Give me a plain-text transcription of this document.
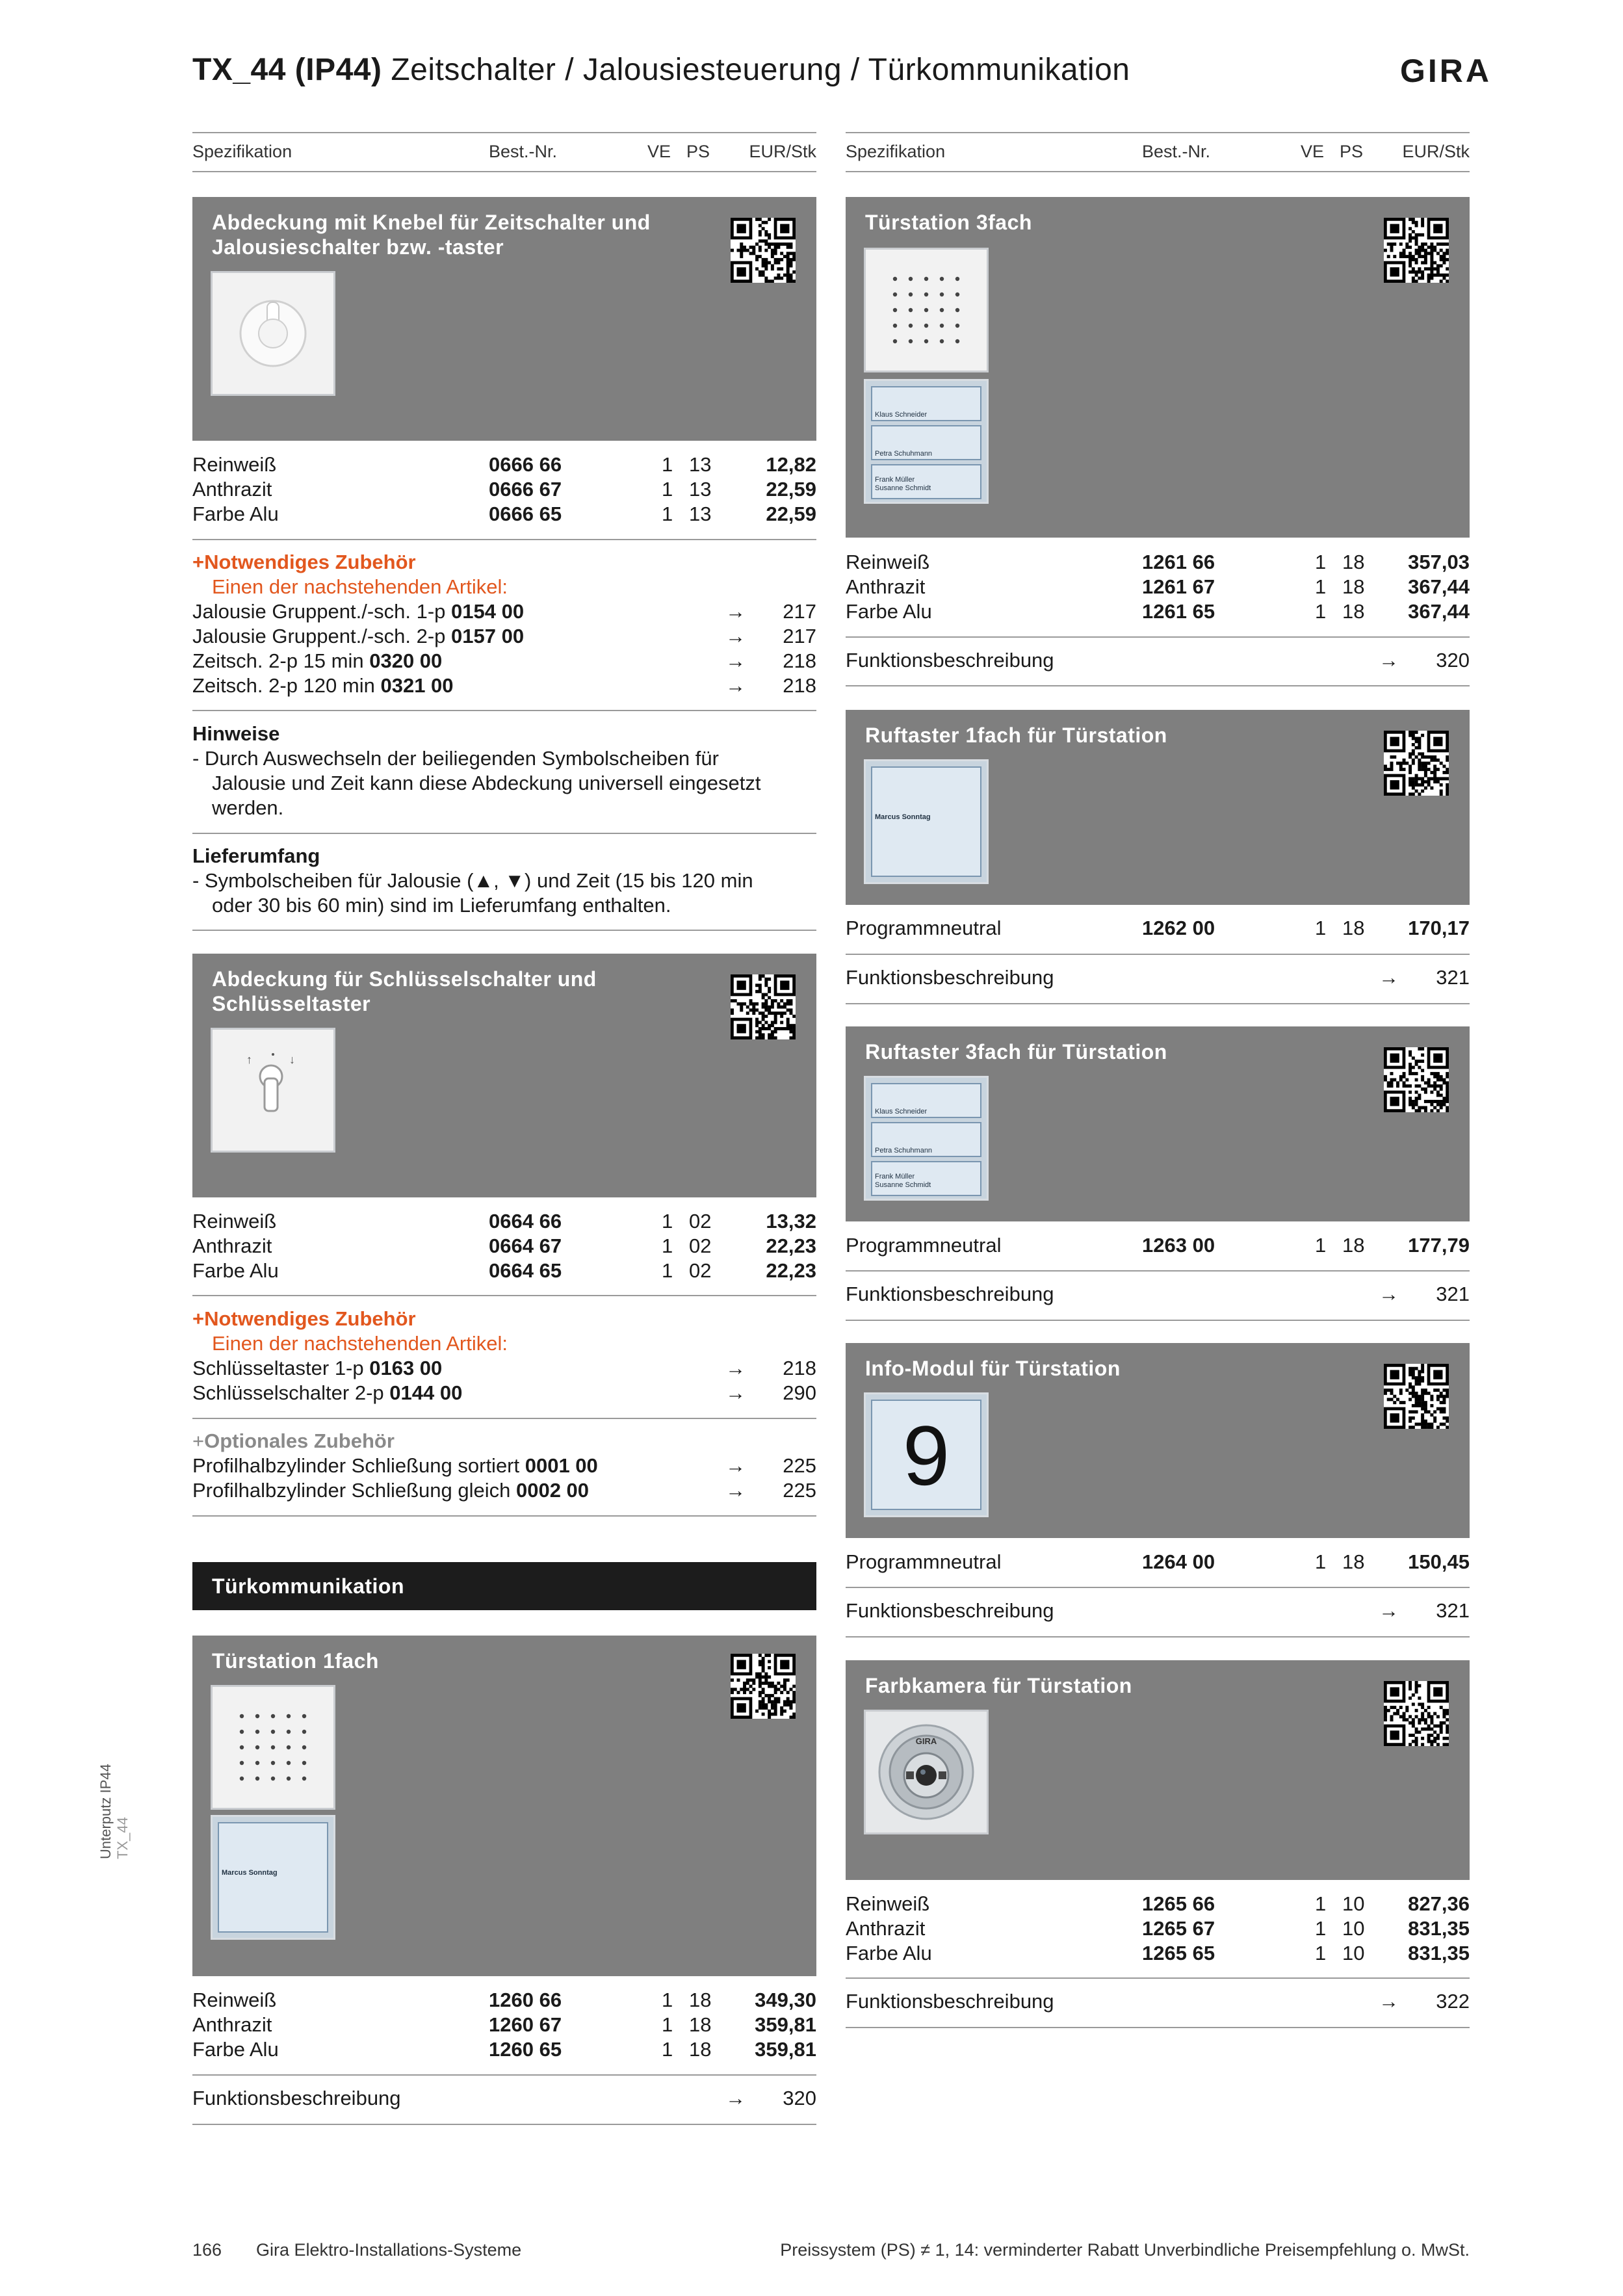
TX_44 (IP44) Zeitschalter / Jalousiesteuerung / Türkommunikation	GIRA
Spezifikation	Best.-Nr.	VE PS EUR/Stk Spezifikation	Best.-Nr.	VE PS EUR/Stk
Abdeckung mit Knebel für Zeitschalter und
Jalousieschalter bzw. -taster
Reinweiß	0666 66	1 13	12,82
Anthrazit	0666 67	1 13	22,59
Farbe Alu	0666 65	1 13	22,59
+Notwendiges Zubehör
Einen der nachstehenden Artikel:
Jalousie Gruppent./-sch. 1-p 0154 00	→ 217
Jalousie Gruppent./-sch. 2-p 0157 00	→ 217
Zeitsch. 2-p 15 min 0320 00	→ 218
Zeitsch. 2-p 120 min 0321 00	→ 218
Hinweise
- Durch Auswechseln der beiliegenden Symbolscheiben für
Jalousie und Zeit kann diese Abdeckung universell eingesetzt
werden.
Lieferumfang
- Symbolscheiben für Jalousie (▲, ▼) und Zeit (15 bis 120 min
oder 30 bis 60 min) sind im Lieferumfang enthalten.
Abdeckung für Schlüsselschalter und
Schlüsseltaster
↑	↓
Reinweiß	0664 66	1 02	13,32
Anthrazit	0664 67	1 02	22,23
Farbe Alu	0664 65	1 02	22,23
+Notwendiges Zubehör
Einen der nachstehenden Artikel:
Schlüsseltaster 1-p 0163 00	→ 218
Schlüsselschalter 2-p 0144 00	→ 290
+Optionales Zubehör
Profilhalbzylinder Schließung sortiert 0001 00	→ 225
Profilhalbzylinder Schließung gleich 0002 00	→ 225
Türkommunikation
Türstation 1fach
Marcus Sonntag
Reinweiß	1260 66	1 18 349,30
Anthrazit	1260 67	1 18 359,81
Farbe Alu	1260 65	1 18 359,81
Funktionsbeschreibung	→ 320
Türstation 3fach
Klaus Schneider
Petra Schuhmann
Frank Müller
Susanne Schmidt
Reinweiß	1261 66	1 18 357,03
Anthrazit	1261 67	1 18 367,44
Farbe Alu	1261 65	1 18 367,44
Funktionsbeschreibung	→ 320
Ruftaster 1fach für Türstation
Marcus Sonntag
Programmneutral	1262 00	1 18 170,17
Funktionsbeschreibung	→ 321
Ruftaster 3fach für Türstation
Klaus Schneider
Petra Schuhmann
Frank Müller
Susanne Schmidt
Programmneutral	1263 00	1 18 177,79
Funktionsbeschreibung	→ 321
Info-Modul für Türstation
9
Programmneutral	1264 00	1 18 150,45
Funktionsbeschreibung	→ 321
Farbkamera für Türstation
GIRA
Reinweiß	1265 66	1 10 827,36
Anthrazit	1265 67	1 10 831,35
Farbe Alu	1265 65	1 10 831,35
Funktionsbeschreibung	→ 322
Unterputz IP44 TX_44
166 Gira Elektro-Installations-Systeme	Preissystem (PS) ≠ 1, 14: verminderter Rabatt Unverbindliche Preisempfehlung o. MwSt.
